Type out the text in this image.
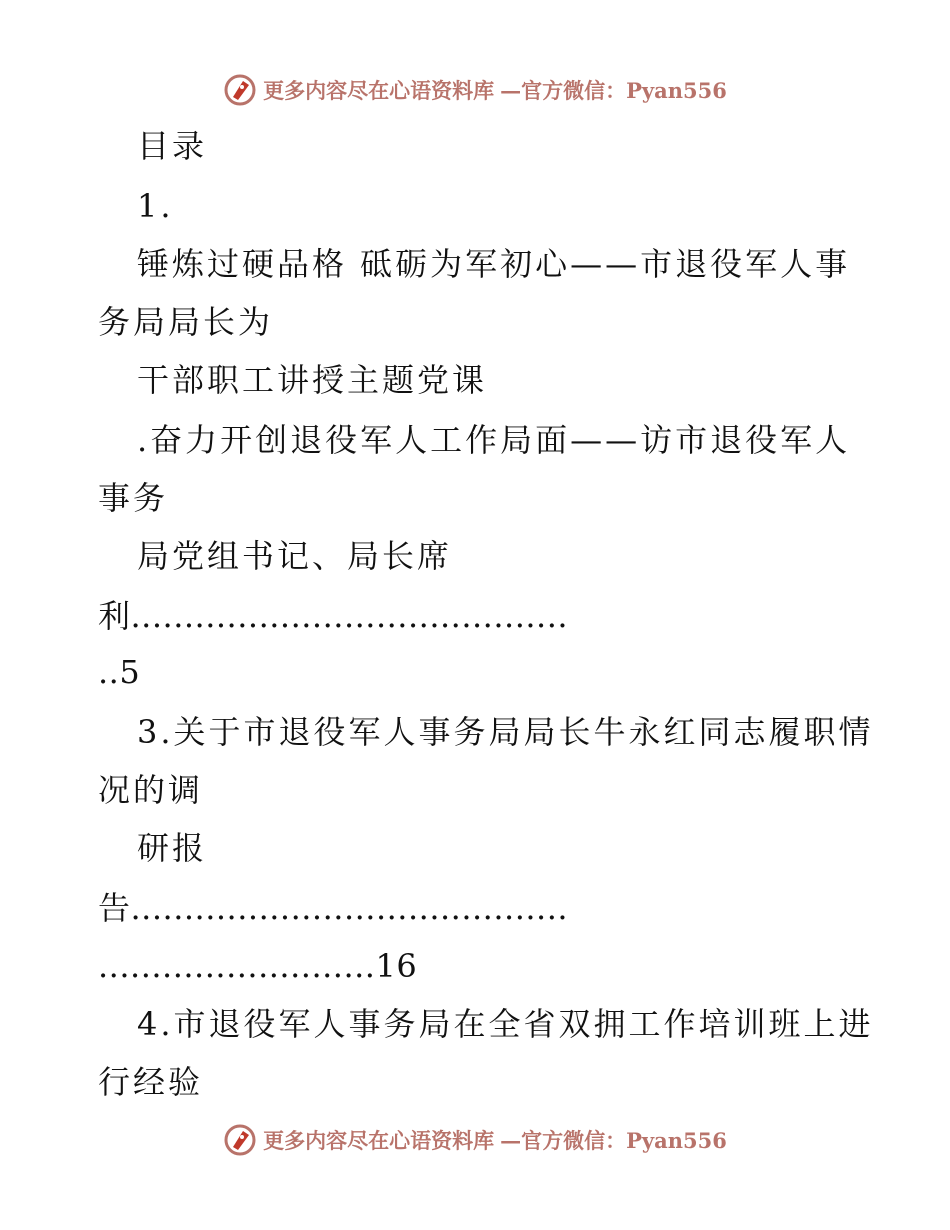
更多内容尽在心语资料库 —官方微信：Pyan556
目录
1.
锤炼过硬品格 砥砺为军初心——市退役军人事
务局局长为
干部职工讲授主题党课
.奋力开创退役军人工作局面——访市退役军人
事务
局党组书记、局长席
利.........................................
..5
3.关于市退役军人事务局局长牛永红同志履职情
况的调
研报
告.........................................
..........................16
4.市退役军人事务局在全省双拥工作培训班上进
行经验
更多内容尽在心语资料库 —官方微信：Pyan556
